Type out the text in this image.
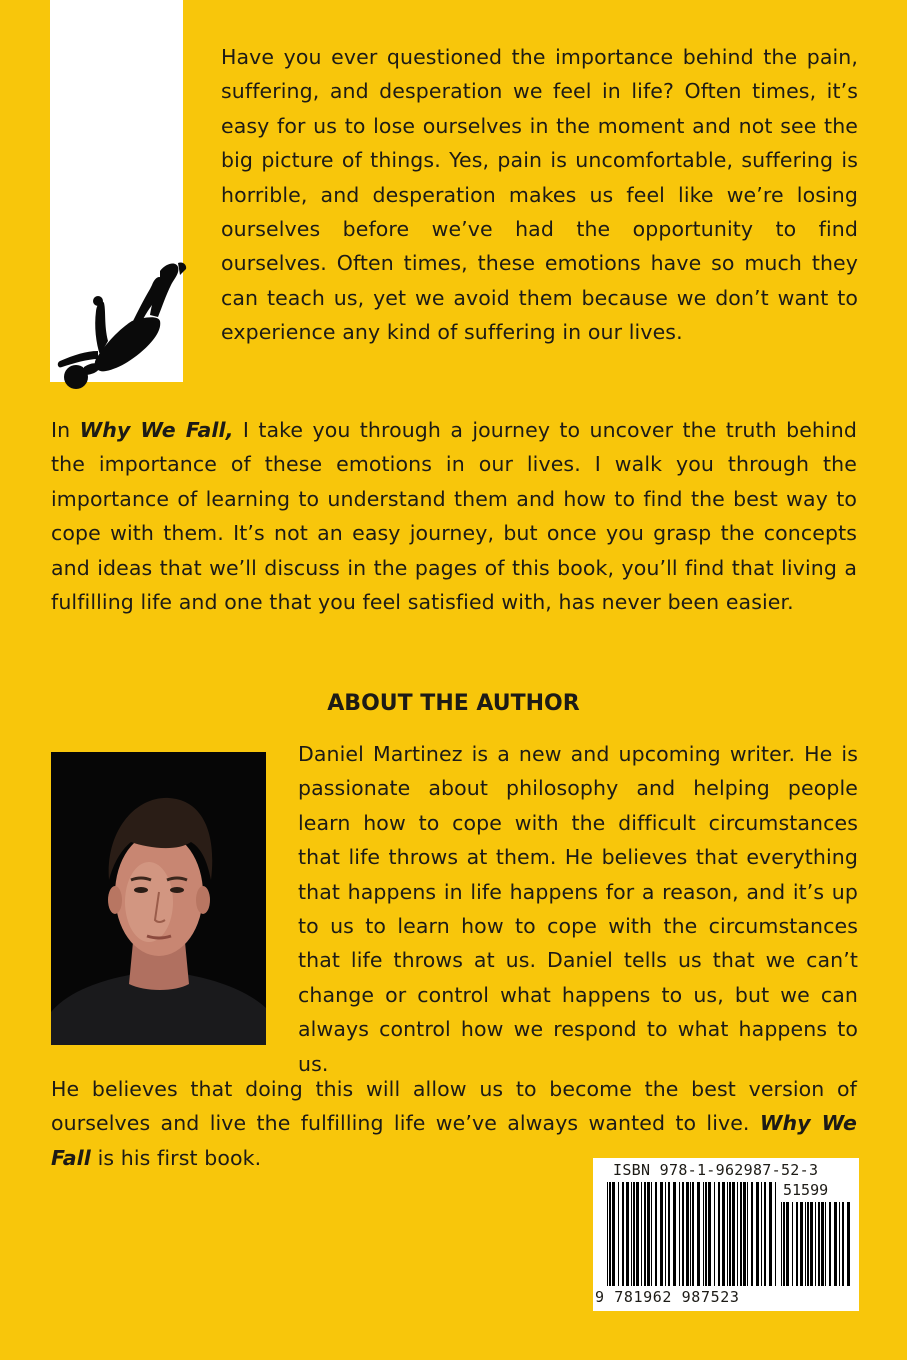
Have you ever questioned the importance behind the pain, suffering, and desperation we feel in life? Often times, it’s easy for us to lose ourselves in the moment and not see the big picture of things. Yes, pain is uncomfortable, suffering is horrible, and desperation makes us feel like we’re losing ourselves before we’ve had the opportunity to find ourselves. Often times, these emotions have so much they can teach us, yet we avoid them because we don’t want to experience any kind of suffering in our lives.

In Why We Fall, I take you through a journey to uncover the truth behind the importance of these emotions in our lives. I walk you through the importance of learning to understand them and how to find the best way to cope with them. It’s not an easy journey, but once you grasp the concepts and ideas that we’ll discuss in the pages of this book, you’ll find that living a fulfilling life and one that you feel satisfied with, has never been easier.

ABOUT THE AUTHOR

Daniel Martinez is a new and upcoming writer. He is passionate about philosophy and helping people learn how to cope with the difficult circumstances that life throws at them. He believes that everything that happens in life happens for a reason, and it’s up to us to learn how to cope with the circumstances that life throws at us. Daniel tells us that we can’t change or control what happens to us, but we can always control how we respond to what happens to us.

He believes that doing this will allow us to become the best version of ourselves and live the fulfilling life we’ve always wanted to live. Why We Fall is his first book.

ISBN 978-1-962987-52-3
51599
9 781962 987523
